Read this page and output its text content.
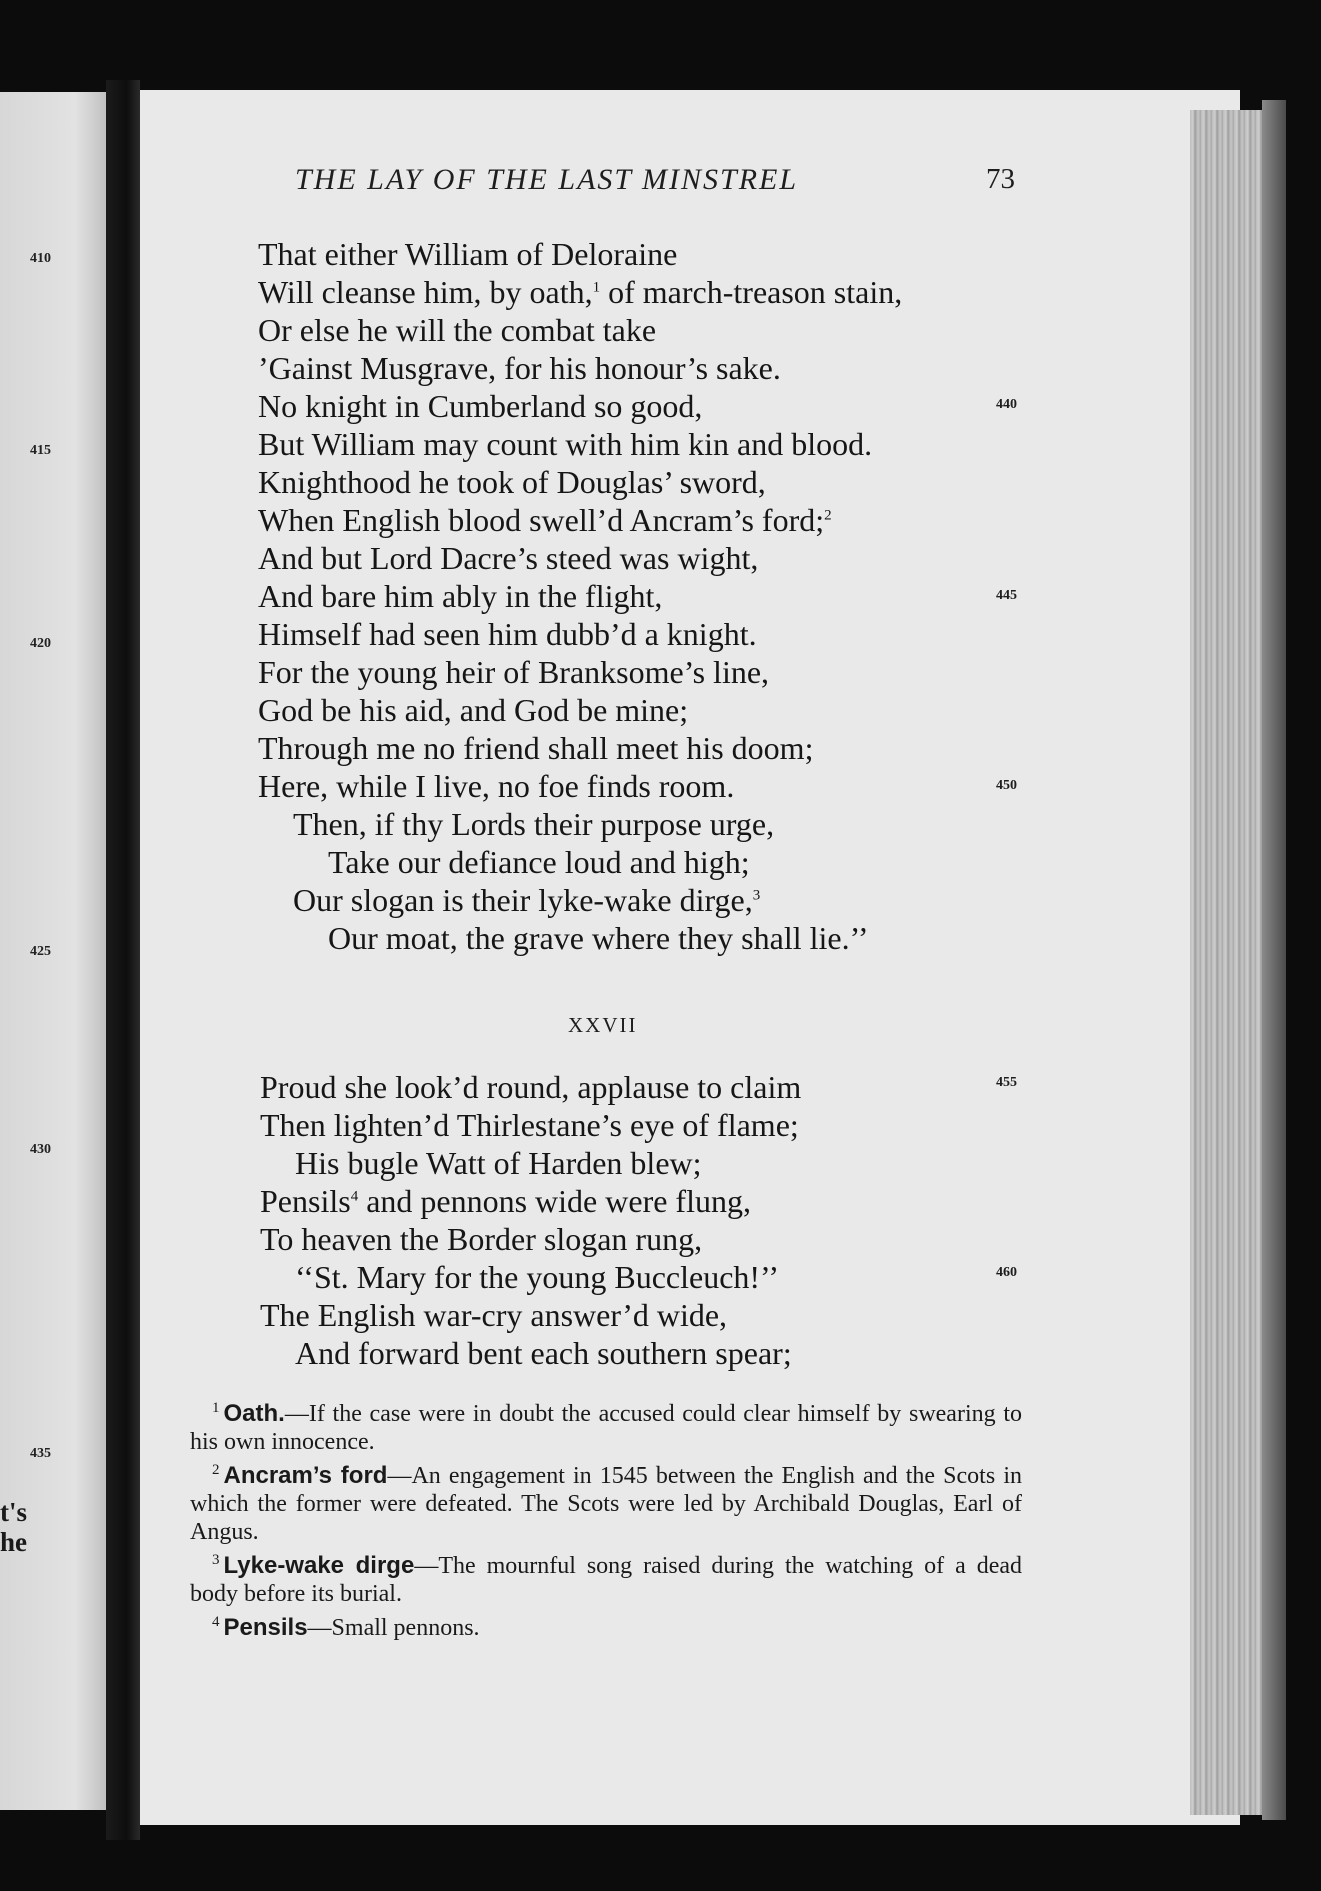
410
415
420
425
430
435
t's
he
THE LAY OF THE LAST MINSTREL	73
That either William of Deloraine
Will cleanse him, by oath,$^1$ of march-treason stain,
Or else he will the combat take
’Gainst Musgrave, for his honour’s sake.
No knight in Cumberland so good,
But William may count with him kin and blood.
Knighthood he took of Douglas’ sword,
When English blood swell’d Ancram’s ford;$^2$
And but Lord Dacre’s steed was wight,
And bare him ably in the flight,
Himself had seen him dubb’d a knight.
For the young heir of Branksome’s line,
God be his aid, and God be mine;
Through me no friend shall meet his doom;
Here, while I live, no foe finds room.
Then, if thy Lords their purpose urge,
Take our defiance loud and high;
Our slogan is their lyke-wake dirge,$^3$
Our moat, the grave where they shall lie.’’
440
445
450
455
460
XXVII
Proud she look’d round, applause to claim
Then lighten’d Thirlestane’s eye of flame;
His bugle Watt of Harden blew;
Pensils$^4$ and pennons wide were flung,
To heaven the Border slogan rung,
‘‘St. Mary for the young Buccleuch!’’
The English war-cry answer’d wide,
And forward bent each southern spear;
$^1$ Oath.—If the case were in doubt the accused could clear himself by swearing to his own innocence.
$^2$ Ancram’s ford—An engagement in 1545 between the English and the Scots in which the former were defeated. The Scots were led by Archibald Douglas, Earl of Angus.
$^3$ Lyke-wake dirge—The mournful song raised during the watching of a dead body before its burial.
$^4$ Pensils—Small pennons.
